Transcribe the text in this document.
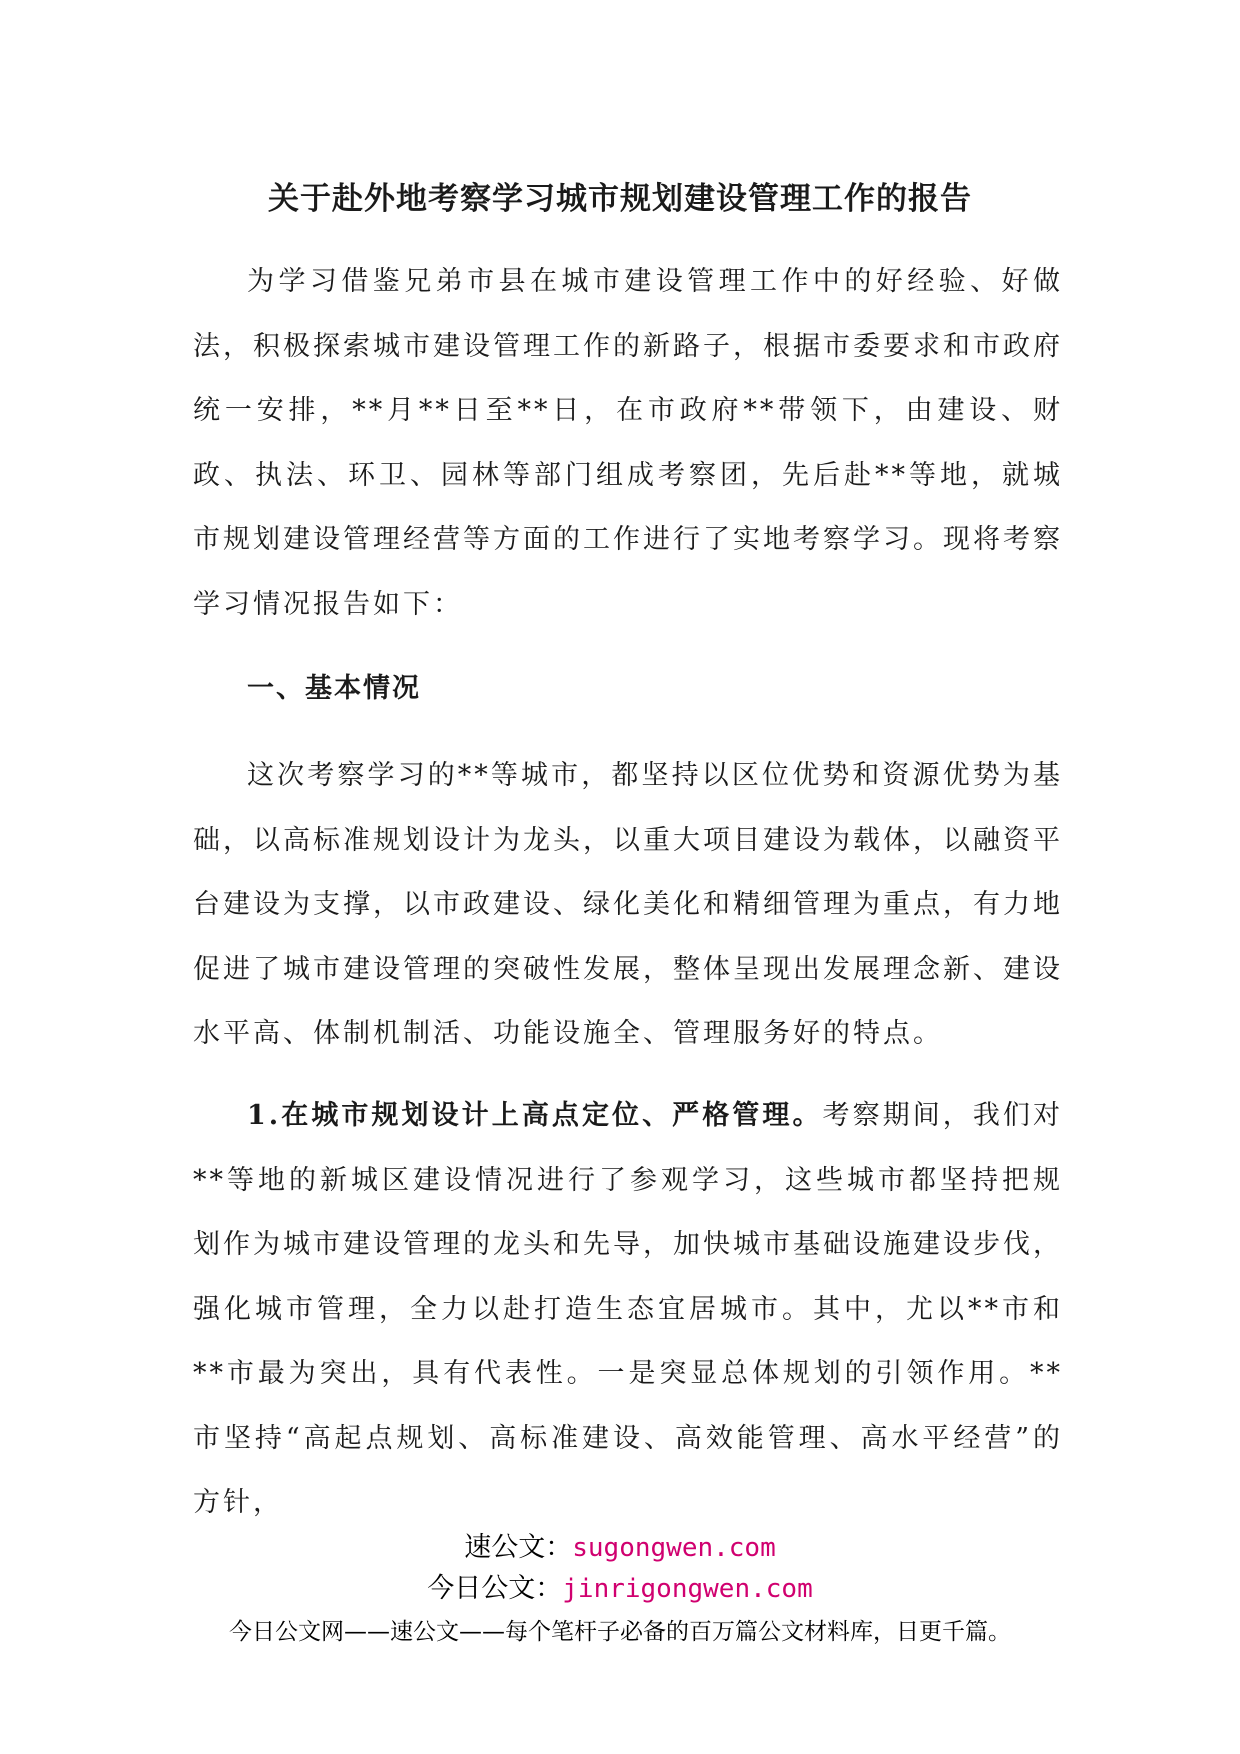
关于赴外地考察学习城市规划建设管理工作的报告

为学习借鉴兄弟市县在城市建设管理工作中的好经验、好做法，积极探索城市建设管理工作的新路子，根据市委要求和市政府统一安排，**月**日至**日，在市政府**带领下，由建设、财政、执法、环卫、园林等部门组成考察团，先后赴**等地，就城市规划建设管理经营等方面的工作进行了实地考察学习。现将考察学习情况报告如下：

一、基本情况

这次考察学习的**等城市，都坚持以区位优势和资源优势为基础，以高标准规划设计为龙头，以重大项目建设为载体，以融资平台建设为支撑，以市政建设、绿化美化和精细管理为重点，有力地促进了城市建设管理的突破性发展，整体呈现出发展理念新、建设水平高、体制机制活、功能设施全、管理服务好的特点。

1.在城市规划设计上高点定位、严格管理。考察期间，我们对**等地的新城区建设情况进行了参观学习，这些城市都坚持把规划作为城市建设管理的龙头和先导，加快城市基础设施建设步伐，强化城市管理，全力以赴打造生态宜居城市。其中，尤以**市和**市最为突出，具有代表性。一是突显总体规划的引领作用。**市坚持“高起点规划、高标准建设、高效能管理、高水平经营”的方针，

速公文：sugongwen.com
今日公文：jinrigongwen.com
今日公文网——速公文——每个笔杆子必备的百万篇公文材料库，日更千篇。
